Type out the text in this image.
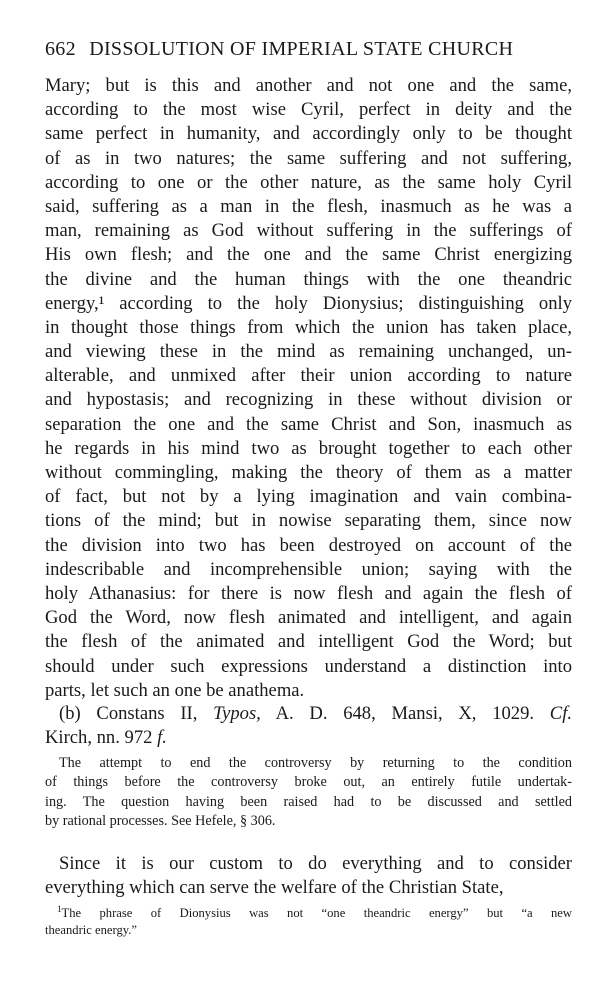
662 DISSOLUTION OF IMPERIAL STATE CHURCH
Mary; but is this and another and not one and the same,
according to the most wise Cyril, perfect in deity and the
same perfect in humanity, and accordingly only to be thought
of as in two natures; the same suffering and not suffering,
according to one or the other nature, as the same holy Cyril
said, suffering as a man in the flesh, inasmuch as he was a
man, remaining as God without suffering in the sufferings of
His own flesh; and the one and the same Christ energizing
the divine and the human things with the one theandric
energy,¹ according to the holy Dionysius; distinguishing only
in thought those things from which the union has taken place,
and viewing these in the mind as remaining unchanged, un-
alterable, and unmixed after their union according to nature
and hypostasis; and recognizing in these without division or
separation the one and the same Christ and Son, inasmuch as
he regards in his mind two as brought together to each other
without commingling, making the theory of them as a matter
of fact, but not by a lying imagination and vain combina-
tions of the mind; but in nowise separating them, since now
the division into two has been destroyed on account of the
indescribable and incomprehensible union; saying with the
holy Athanasius: for there is now flesh and again the flesh of
God the Word, now flesh animated and intelligent, and again
the flesh of the animated and intelligent God the Word; but
should under such expressions understand a distinction into
parts, let such an one be anathema.
(b) Constans II, Typos, A. D. 648, Mansi, X, 1029. Cf.
Kirch, nn. 972 f.
The attempt to end the controversy by returning to the condition
of things before the controversy broke out, an entirely futile undertak-
ing. The question having been raised had to be discussed and settled
by rational processes. See Hefele, § 306.
Since it is our custom to do everything and to consider
everything which can serve the welfare of the Christian State,
$^1$The phrase of Dionysius was not “one theandric energy” but “a new
theandric energy.”
